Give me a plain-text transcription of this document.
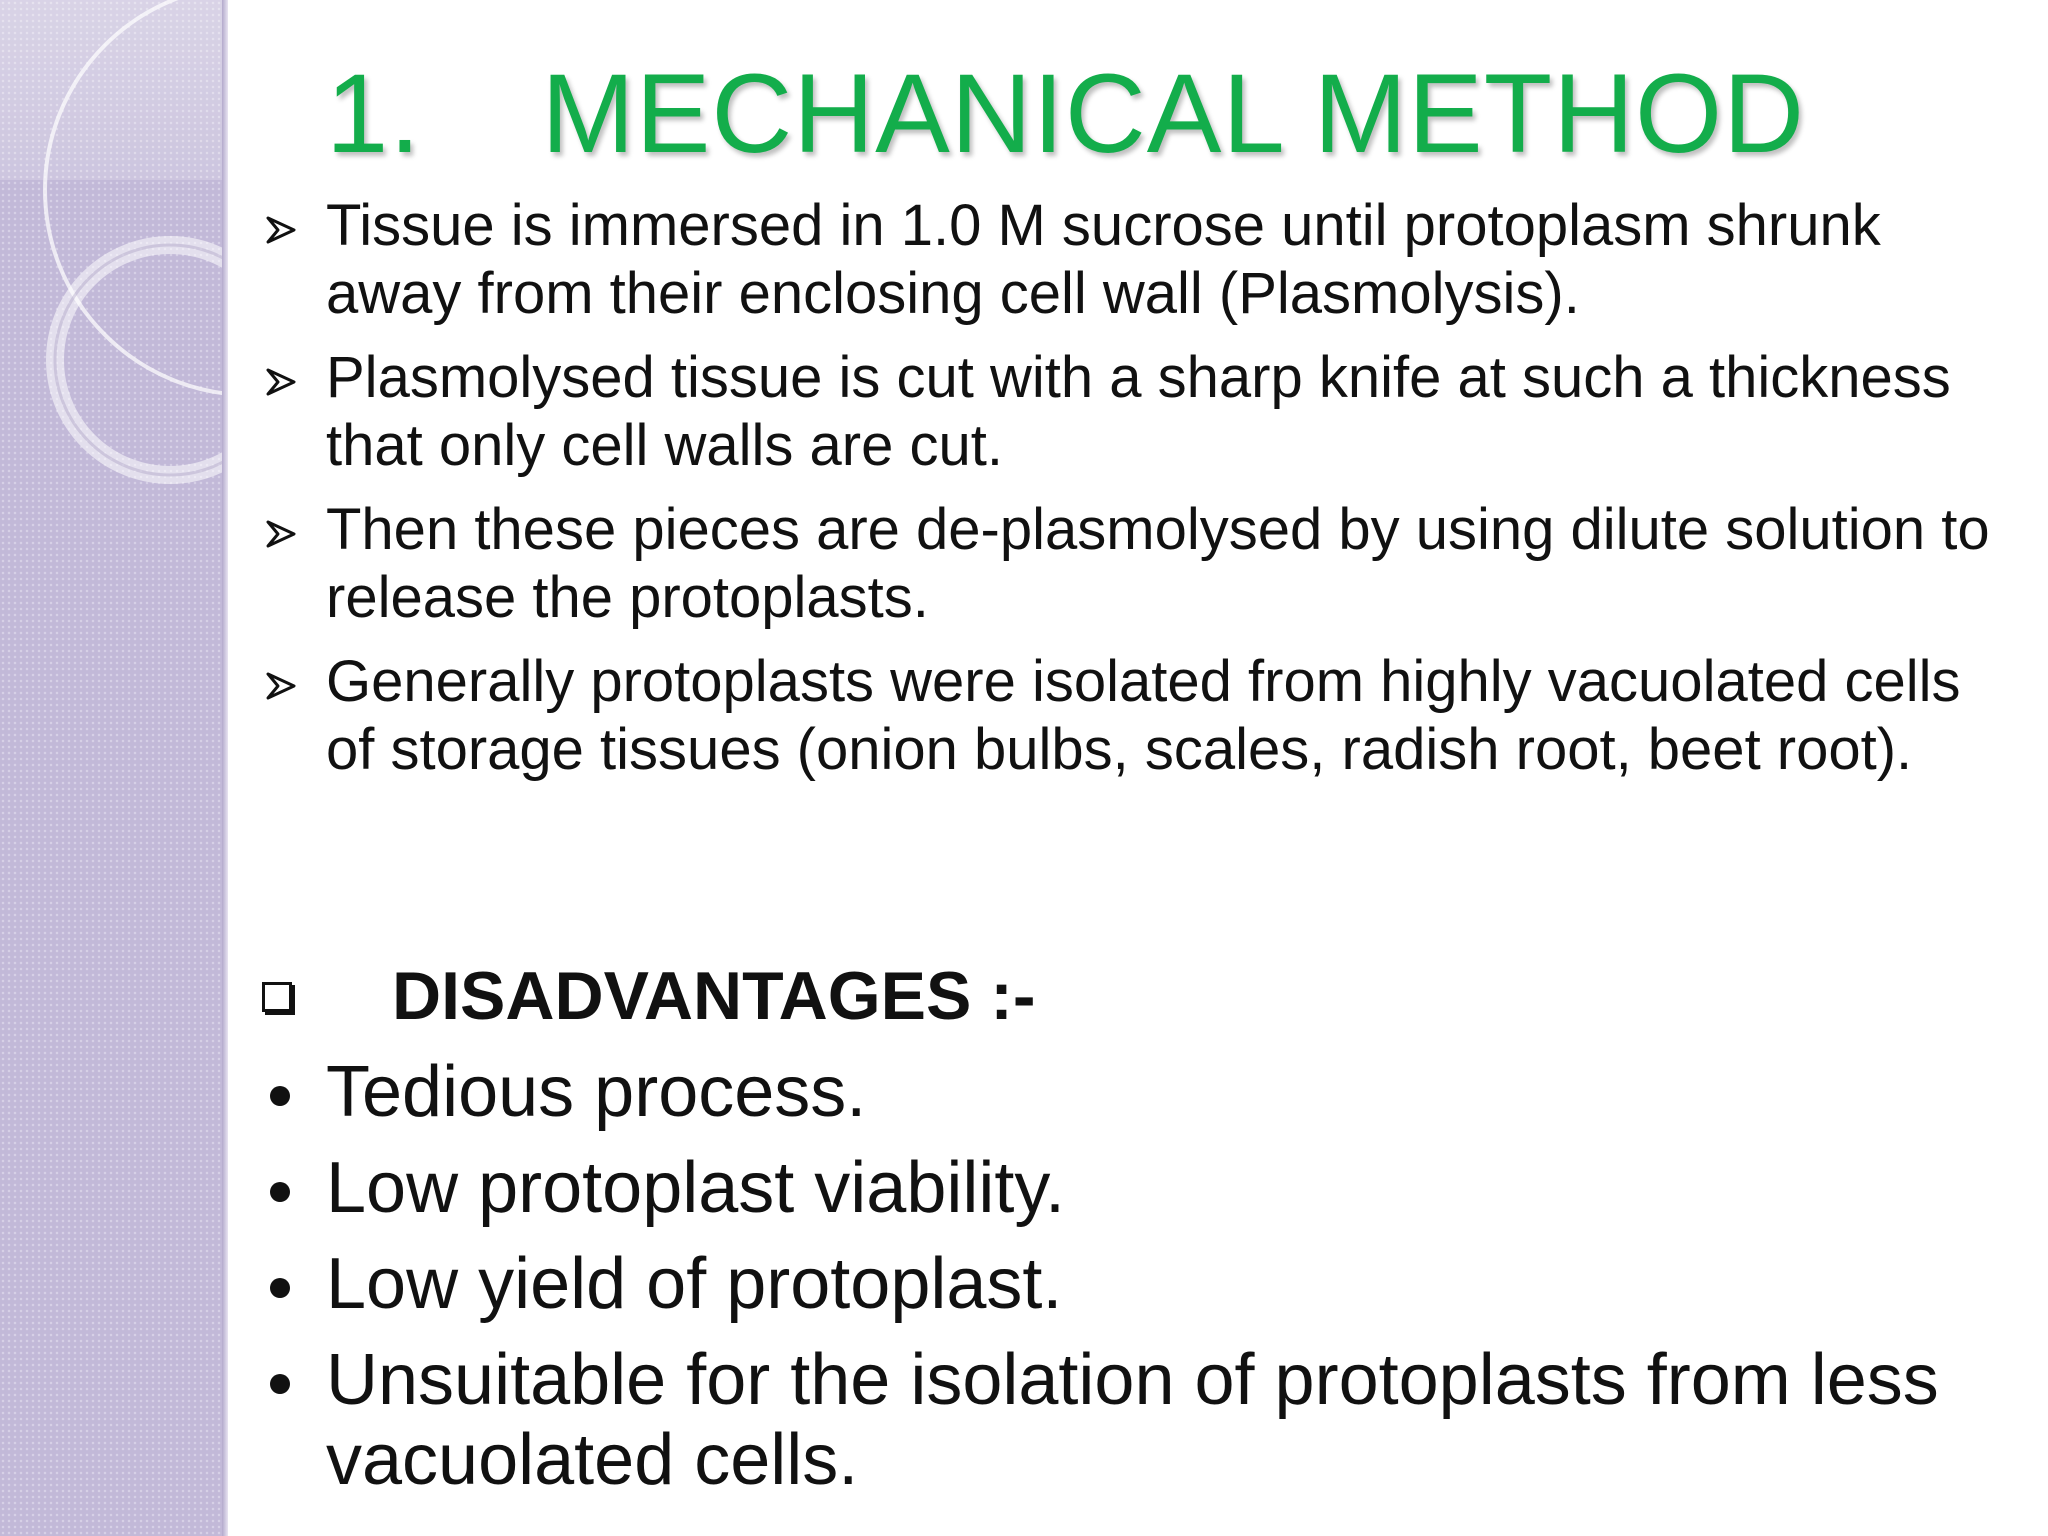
1. MECHANICAL METHOD
Tissue is immersed in 1.0 M sucrose until protoplasm shrunk away from their enclosing cell wall (Plasmolysis).
Plasmolysed tissue is cut with a sharp knife at such a thickness that only cell walls are cut.
Then these pieces are de-plasmolysed by using dilute solution to release the protoplasts.
Generally protoplasts were isolated from highly vacuolated cells of storage tissues (onion bulbs, scales, radish root, beet root).
DISADVANTAGES :-
Tedious process.
Low protoplast viability.
Low yield of protoplast.
Unsuitable for the isolation of protoplasts from less vacuolated cells.
